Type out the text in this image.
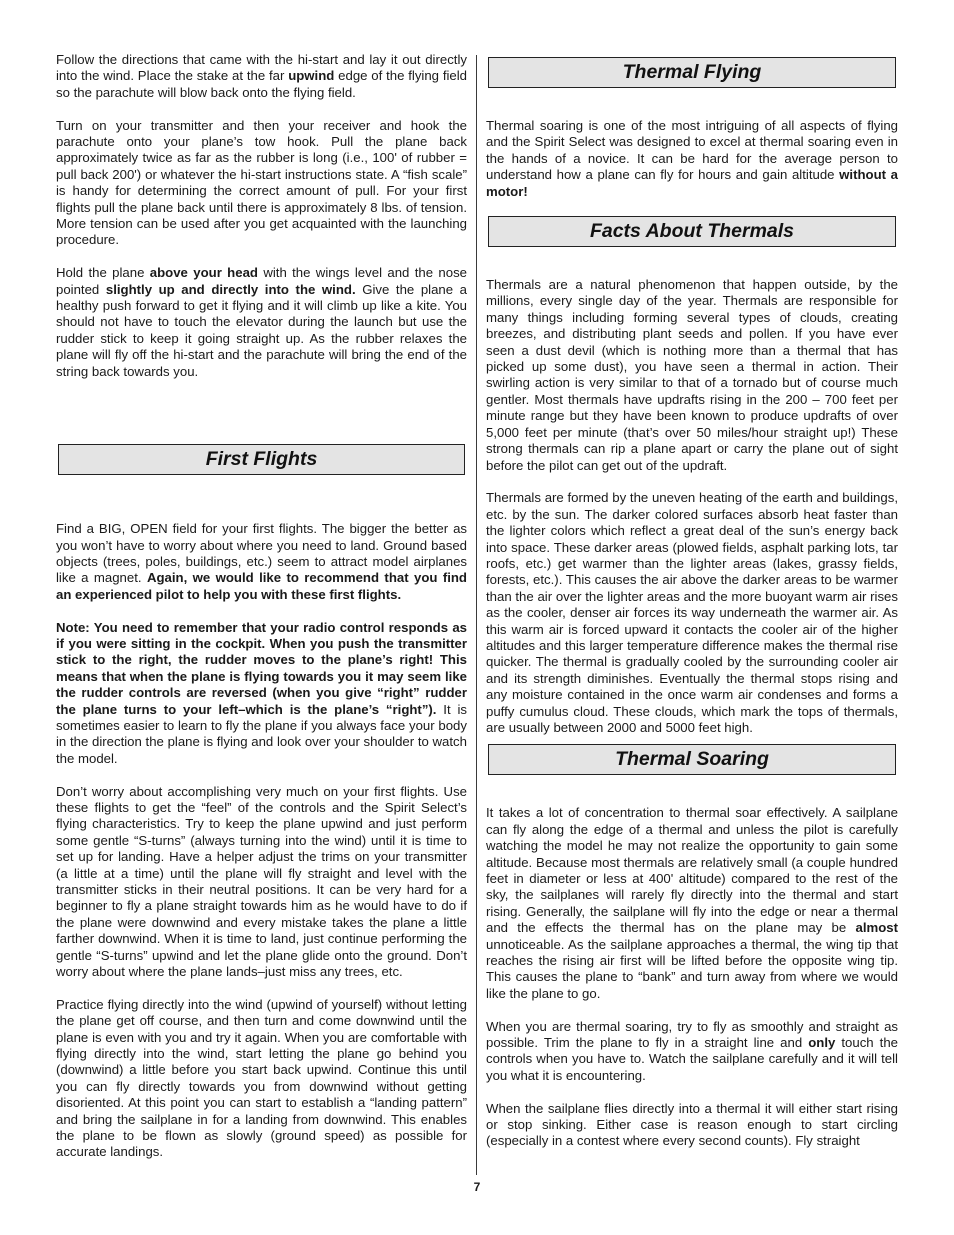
Follow the directions that came with the hi-start and lay it out directly into the wind. Place the stake at the far upwind edge of the flying field so the parachute will blow back onto the flying field.

Turn on your transmitter and then your receiver and hook the parachute onto your plane’s tow hook. Pull the plane back approximately twice as far as the rubber is long (i.e., 100' of rubber = pull back 200') or whatever the hi-start instructions state. A “fish scale” is handy for determining the correct amount of pull. For your first flights pull the plane back until there is approximately 8 lbs. of tension. More tension can be used after you get acquainted with the launching procedure.

Hold the plane above your head with the wings level and the nose pointed slightly up and directly into the wind. Give the plane a healthy push forward to get it flying and it will climb up like a kite. You should not have to touch the elevator during the launch but use the rudder stick to keep it going straight up. As the rubber relaxes the plane will fly off the hi-start and the parachute will bring the end of the string back towards you.

First Flights

Find a BIG, OPEN field for your first flights. The bigger the better as you won’t have to worry about where you need to land. Ground based objects (trees, poles, buildings, etc.) seem to attract model airplanes like a magnet. Again, we would like to recommend that you find an experienced pilot to help you with these first flights.

Note: You need to remember that your radio control responds as if you were sitting in the cockpit. When you push the transmitter stick to the right, the rudder moves to the plane’s right! This means that when the plane is flying towards you it may seem like the rudder controls are reversed (when you give “right” rudder the plane turns to your left–which is the plane’s “right”). It is sometimes easier to learn to fly the plane if you always face your body in the direction the plane is flying and look over your shoulder to watch the model.

Don’t worry about accomplishing very much on your first flights. Use these flights to get the “feel” of the controls and the Spirit Select’s flying characteristics. Try to keep the plane upwind and just perform some gentle “S-turns” (always turning into the wind) until it is time to set up for landing. Have a helper adjust the trims on your transmitter (a little at a time) until the plane will fly straight and level with the transmitter sticks in their neutral positions. It can be very hard for a beginner to fly a plane straight towards him as he would have to do if the plane were downwind and every mistake takes the plane a little farther downwind. When it is time to land, just continue performing the gentle “S-turns” upwind and let the plane glide onto the ground. Don’t worry about where the plane lands–just miss any trees, etc.

Practice flying directly into the wind (upwind of yourself) without letting the plane get off course, and then turn and come downwind until the plane is even with you and try it again. When you are comfortable with flying directly into the wind, start letting the plane go behind you (downwind) a little before you start back upwind. Continue this until you can fly directly towards you from downwind without getting disoriented. At this point you can start to establish a “landing pattern” and bring the sailplane in for a landing from downwind. This enables the plane to be flown as slowly (ground speed) as possible for accurate landings.

Thermal Flying

Thermal soaring is one of the most intriguing of all aspects of flying and the Spirit Select was designed to excel at thermal soaring even in the hands of a novice. It can be hard for the average person to understand how a plane can fly for hours and gain altitude without a motor!

Facts About Thermals

Thermals are a natural phenomenon that happen outside, by the millions, every single day of the year. Thermals are responsible for many things including forming several types of clouds, creating breezes, and distributing plant seeds and pollen. If you have ever seen a dust devil (which is nothing more than a thermal that has picked up some dust), you have seen a thermal in action. Their swirling action is very similar to that of a tornado but of course much gentler. Most thermals have updrafts rising in the 200 – 700 feet per minute range but they have been known to produce updrafts of over 5,000 feet per minute (that’s over 50 miles/hour straight up!) These strong thermals can rip a plane apart or carry the plane out of sight before the pilot can get out of the updraft.

Thermals are formed by the uneven heating of the earth and buildings, etc. by the sun. The darker colored surfaces absorb heat faster than the lighter colors which reflect a great deal of the sun’s energy back into space. These darker areas (plowed fields, asphalt parking lots, tar roofs, etc.) get warmer than the lighter areas (lakes, grassy fields, forests, etc.). This causes the air above the darker areas to be warmer than the air over the lighter areas and the more buoyant warm air rises as the cooler, denser air forces its way underneath the warmer air. As this warm air is forced upward it contacts the cooler air of the higher altitudes and this larger temperature difference makes the thermal rise quicker. The thermal is gradually cooled by the surrounding cooler air and its strength diminishes. Eventually the thermal stops rising and any moisture contained in the once warm air condenses and forms a puffy cumulus cloud. These clouds, which mark the tops of thermals, are usually between 2000 and 5000 feet high.

Thermal Soaring

It takes a lot of concentration to thermal soar effectively. A sailplane can fly along the edge of a thermal and unless the pilot is carefully watching the model he may not realize the opportunity to gain some altitude. Because most thermals are relatively small (a couple hundred feet in diameter or less at 400' altitude) compared to the rest of the sky, the sailplanes will rarely fly directly into the thermal and start rising. Generally, the sailplane will fly into the edge or near a thermal and the effects the thermal has on the plane may be almost unnoticeable. As the sailplane approaches a thermal, the wing tip that reaches the rising air first will be lifted before the opposite wing tip. This causes the plane to “bank” and turn away from where we would like the plane to go.

When you are thermal soaring, try to fly as smoothly and straight as possible. Trim the plane to fly in a straight line and only touch the controls when you have to. Watch the sailplane carefully and it will tell you what it is encountering.

When the sailplane flies directly into a thermal it will either start rising or stop sinking. Either case is reason enough to start circling (especially in a contest where every second counts). Fly straight

7
